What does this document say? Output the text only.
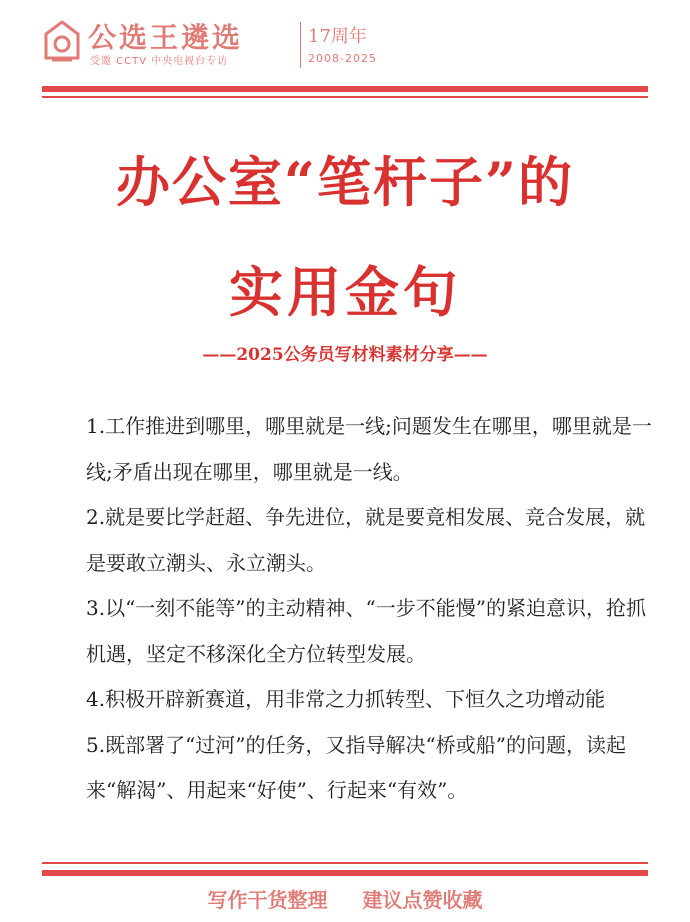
公选王遴选
受邀 CCTV 中央电视台专访
17周年
2008-2025
办公室“笔杆子”的
实用金句
——2025公务员写材料素材分享——

1.工作推进到哪里，哪里就是一线;问题发生在哪里，哪里就是一线;矛盾出现在哪里，哪里就是一线。

2.就是要比学赶超、争先进位，就是要竟相发展、竞合发展，就是要敢立潮头、永立潮头。

3.以“一刻不能等”的主动精神、“一步不能慢”的紧迫意识，抢抓机遇，坚定不移深化全方位转型发展。

4.积极开辟新赛道，用非常之力抓转型、下恒久之功增动能

5.既部署了“过河”的任务，又指导解决“桥或船”的问题，读起来“解渴”、用起来“好使”、行起来“有效”。

写作干货整理 建议点赞收藏
